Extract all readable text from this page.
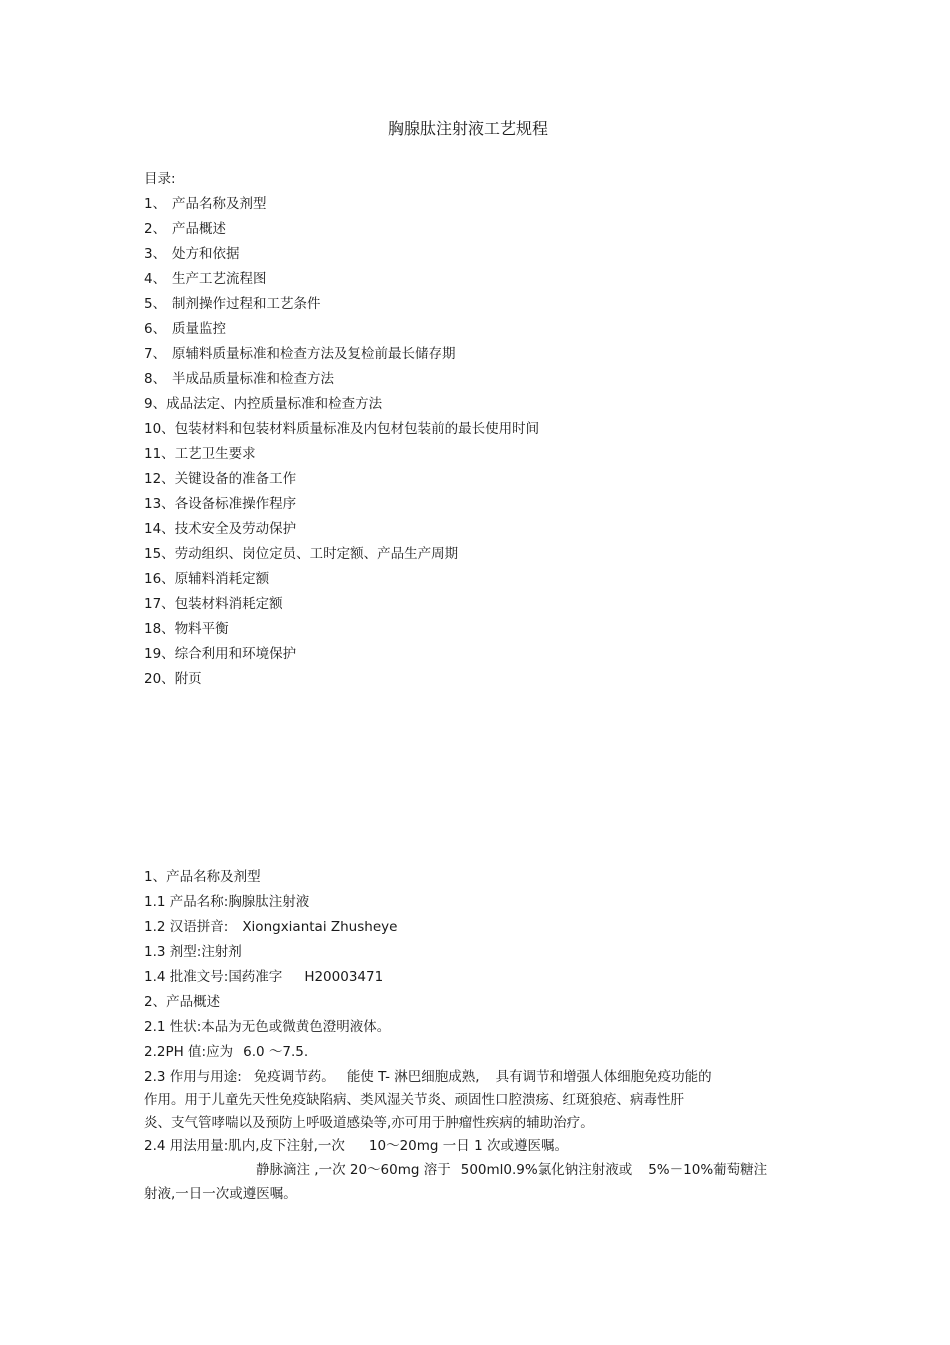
胸腺肽注射液工艺规程
目录:
1、 产品名称及剂型
2、 产品概述
3、 处方和依据
4、 生产工艺流程图
5、 制剂操作过程和工艺条件
6、 质量监控
7、 原辅料质量标准和检查方法及复检前最长储存期
8、 半成品质量标准和检查方法
9、成品法定、内控质量标准和检查方法
10、包装材料和包装材料质量标准及内包材包装前的最长使用时间
11、工艺卫生要求
12、关键设备的准备工作
13、各设备标准操作程序
14、技术安全及劳动保护
15、劳动组织、岗位定员、工时定额、产品生产周期
16、原辅料消耗定额
17、包装材料消耗定额
18、物料平衡
19、综合利用和环境保护
20、附页
1、产品名称及剂型
1.1 产品名称:胸腺肽注射液
1.2 汉语拼音: Xiongxiantai Zhusheye
1.3 剂型:注射剂
1.4 批准文号:国药准字 H20003471
2、产品概述
2.1 性状:本品为无色或微黄色澄明液体。
2.2PH 值:应为 6.0 ～7.5.
2.3 作用与用途: 免疫调节药。 能使 T- 淋巴细胞成熟, 具有调节和增强人体细胞免疫功能的
作用。用于儿童先天性免疫缺陷病、类风湿关节炎、顽固性口腔溃疡、红斑狼疮、病毒性肝
炎、支气管哮喘以及预防上呼吸道感染等,亦可用于肿瘤性疾病的辅助治疗。
2.4 用法用量:肌内,皮下注射,一次 10～20mg 一日 1 次或遵医嘱。
静脉滴注 ,一次 20～60mg 溶于 500ml0.9%氯化钠注射液或 5%－10%葡萄糖注
射液,一日一次或遵医嘱。
